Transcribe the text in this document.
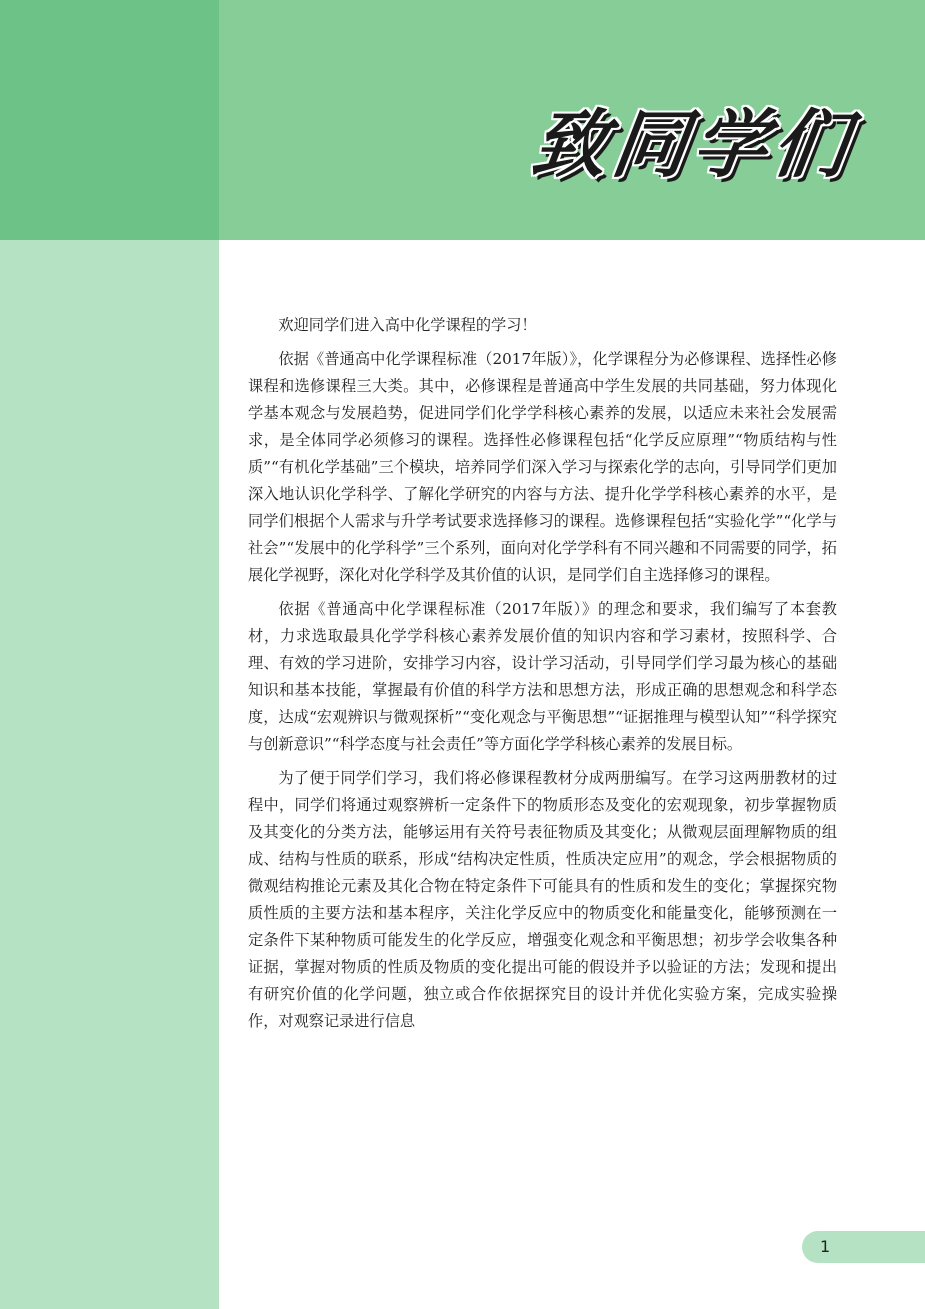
致同学们

欢迎同学们进入高中化学课程的学习！

依据《普通高中化学课程标准（2017年版）》，化学课程分为必修课程、选择性必修课程和选修课程三大类。其中，必修课程是普通高中学生发展的共同基础，努力体现化学基本观念与发展趋势，促进同学们化学学科核心素养的发展，以适应未来社会发展需求，是全体同学必须修习的课程。选择性必修课程包括“化学反应原理”“物质结构与性质”“有机化学基础”三个模块，培养同学们深入学习与探索化学的志向，引导同学们更加深入地认识化学科学、了解化学研究的内容与方法、提升化学学科核心素养的水平，是同学们根据个人需求与升学考试要求选择修习的课程。选修课程包括“实验化学”“化学与社会”“发展中的化学科学”三个系列，面向对化学学科有不同兴趣和不同需要的同学，拓展化学视野，深化对化学科学及其价值的认识，是同学们自主选择修习的课程。

依据《普通高中化学课程标准（2017年版）》的理念和要求，我们编写了本套教材，力求选取最具化学学科核心素养发展价值的知识内容和学习素材，按照科学、合理、有效的学习进阶，安排学习内容，设计学习活动，引导同学们学习最为核心的基础知识和基本技能，掌握最有价值的科学方法和思想方法，形成正确的思想观念和科学态度，达成“宏观辨识与微观探析”“变化观念与平衡思想”“证据推理与模型认知”“科学探究与创新意识”“科学态度与社会责任”等方面化学学科核心素养的发展目标。

为了便于同学们学习，我们将必修课程教材分成两册编写。在学习这两册教材的过程中，同学们将通过观察辨析一定条件下的物质形态及变化的宏观现象，初步掌握物质及其变化的分类方法，能够运用有关符号表征物质及其变化；从微观层面理解物质的组成、结构与性质的联系，形成“结构决定性质，性质决定应用”的观念，学会根据物质的微观结构推论元素及其化合物在特定条件下可能具有的性质和发生的变化；掌握探究物质性质的主要方法和基本程序，关注化学反应中的物质变化和能量变化，能够预测在一定条件下某种物质可能发生的化学反应，增强变化观念和平衡思想；初步学会收集各种证据，掌握对物质的性质及物质的变化提出可能的假设并予以验证的方法；发现和提出有研究价值的化学问题，独立或合作依据探究目的设计并优化实验方案，完成实验操作，对观察记录进行信息

1
